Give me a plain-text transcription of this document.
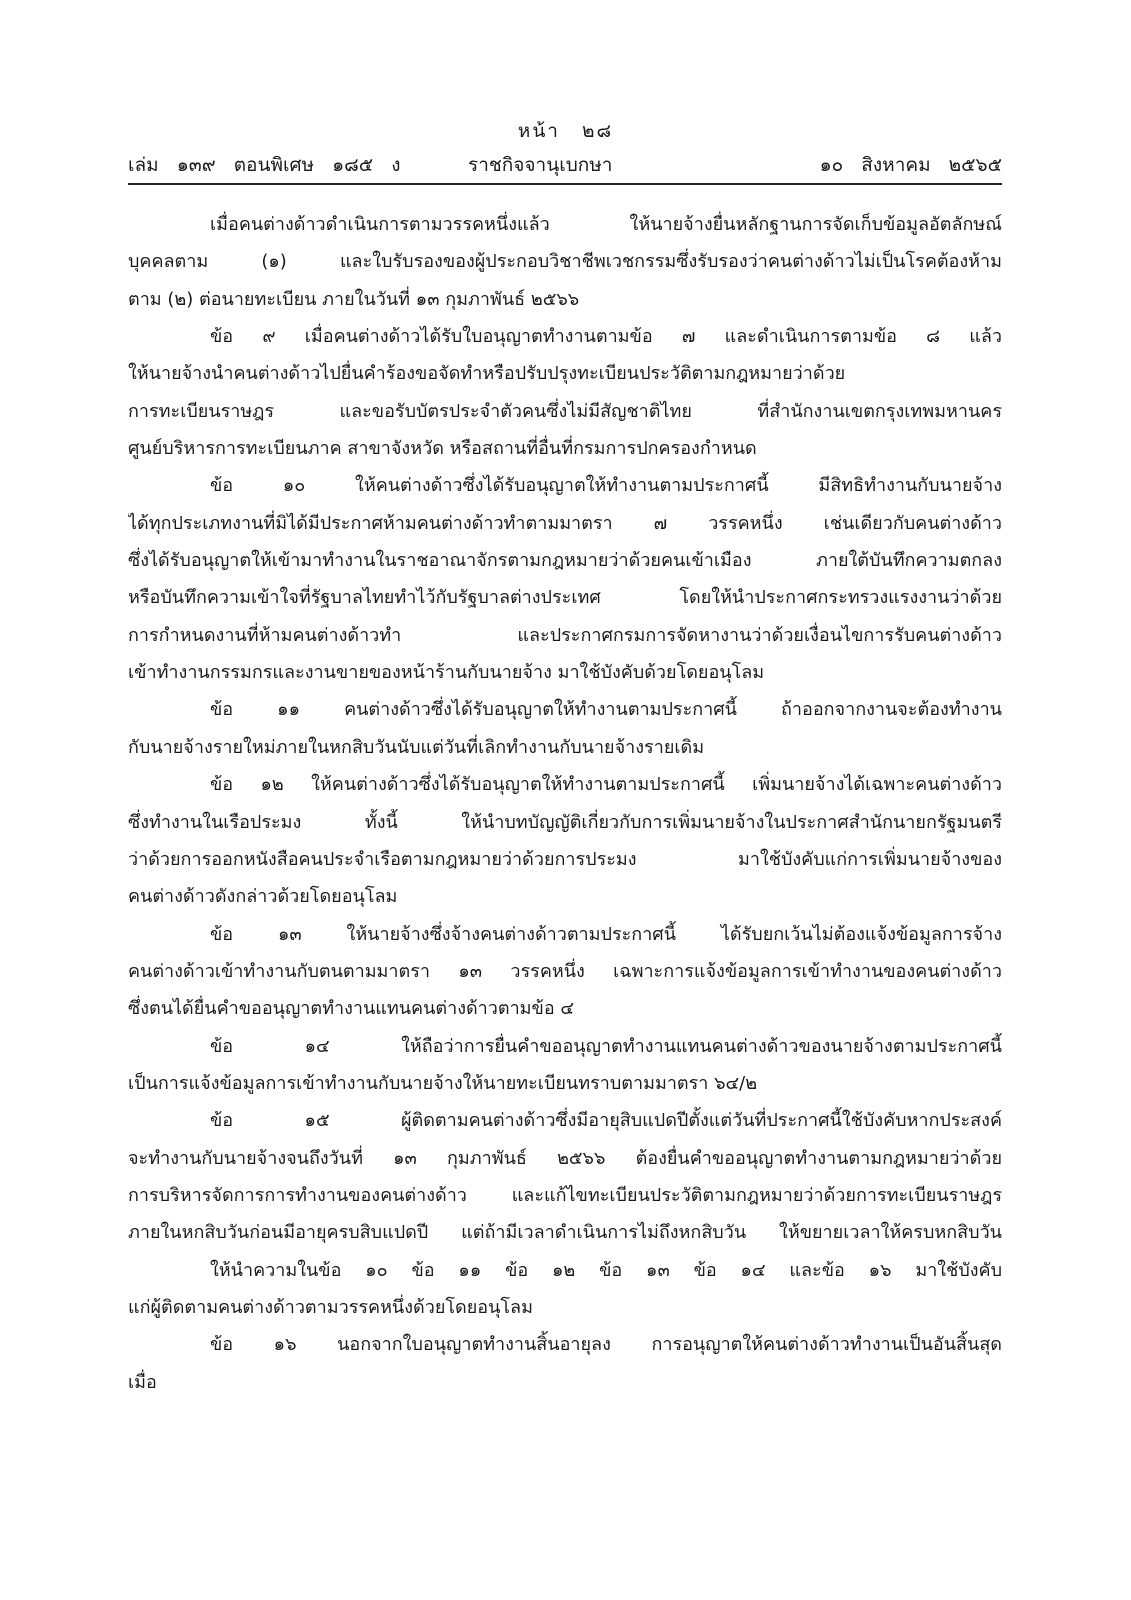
หน้า ๒๘
เล่ม ๑๓๙ ตอนพิเศษ ๑๘๕ ง	ราชกิจจานุเบกษา	๑๐ สิงหาคม ๒๕๖๕
เมื่อคนต่างด้าวดำเนินการตามวรรคหนึ่งแล้ว ให้นายจ้างยื่นหลักฐานการจัดเก็บข้อมูลอัตลักษณ์
บุคคลตาม (๑) และใบรับรองของผู้ประกอบวิชาชีพเวชกรรมซึ่งรับรองว่าคนต่างด้าวไม่เป็นโรคต้องห้าม
ตาม (๒) ต่อนายทะเบียน ภายในวันที่ ๑๓ กุมภาพันธ์ ๒๕๖๖
ข้อ ๙ เมื่อคนต่างด้าวได้รับใบอนุญาตทำงานตามข้อ ๗ และดำเนินการตามข้อ ๘ แล้ว
ให้นายจ้างนำคนต่างด้าวไปยื่นคำร้องขอจัดทำหรือปรับปรุงทะเบียนประวัติตามกฎหมายว่าด้วย
การทะเบียนราษฎร และขอรับบัตรประจำตัวคนซึ่งไม่มีสัญชาติไทย ที่สำนักงานเขตกรุงเทพมหานคร
ศูนย์บริหารการทะเบียนภาค สาขาจังหวัด หรือสถานที่อื่นที่กรมการปกครองกำหนด
ข้อ ๑๐ ให้คนต่างด้าวซึ่งได้รับอนุญาตให้ทำงานตามประกาศนี้ มีสิทธิทำงานกับนายจ้าง
ได้ทุกประเภทงานที่มิได้มีประกาศห้ามคนต่างด้าวทำตามมาตรา ๗ วรรคหนึ่ง เช่นเดียวกับคนต่างด้าว
ซึ่งได้รับอนุญาตให้เข้ามาทำงานในราชอาณาจักรตามกฎหมายว่าด้วยคนเข้าเมือง ภายใต้บันทึกความตกลง
หรือบันทึกความเข้าใจที่รัฐบาลไทยทำไว้กับรัฐบาลต่างประเทศ โดยให้นำประกาศกระทรวงแรงงานว่าด้วย
การกำหนดงานที่ห้ามคนต่างด้าวทำ และประกาศกรมการจัดหางานว่าด้วยเงื่อนไขการรับคนต่างด้าว
เข้าทำงานกรรมกรและงานขายของหน้าร้านกับนายจ้าง มาใช้บังคับด้วยโดยอนุโลม
ข้อ ๑๑ คนต่างด้าวซึ่งได้รับอนุญาตให้ทำงานตามประกาศนี้ ถ้าออกจากงานจะต้องทำงาน
กับนายจ้างรายใหม่ภายในหกสิบวันนับแต่วันที่เลิกทำงานกับนายจ้างรายเดิม
ข้อ ๑๒ ให้คนต่างด้าวซึ่งได้รับอนุญาตให้ทำงานตามประกาศนี้ เพิ่มนายจ้างได้เฉพาะคนต่างด้าว
ซึ่งทำงานในเรือประมง ทั้งนี้ ให้นำบทบัญญัติเกี่ยวกับการเพิ่มนายจ้างในประกาศสำนักนายกรัฐมนตรี
ว่าด้วยการออกหนังสือคนประจำเรือตามกฎหมายว่าด้วยการประมง มาใช้บังคับแก่การเพิ่มนายจ้างของ
คนต่างด้าวดังกล่าวด้วยโดยอนุโลม
ข้อ ๑๓ ให้นายจ้างซึ่งจ้างคนต่างด้าวตามประกาศนี้ ได้รับยกเว้นไม่ต้องแจ้งข้อมูลการจ้าง
คนต่างด้าวเข้าทำงานกับตนตามมาตรา ๑๓ วรรคหนึ่ง เฉพาะการแจ้งข้อมูลการเข้าทำงานของคนต่างด้าว
ซึ่งตนได้ยื่นคำขออนุญาตทำงานแทนคนต่างด้าวตามข้อ ๔
ข้อ ๑๔ ให้ถือว่าการยื่นคำขออนุญาตทำงานแทนคนต่างด้าวของนายจ้างตามประกาศนี้
เป็นการแจ้งข้อมูลการเข้าทำงานกับนายจ้างให้นายทะเบียนทราบตามมาตรา ๖๔/๒
ข้อ ๑๕ ผู้ติดตามคนต่างด้าวซึ่งมีอายุสิบแปดปีตั้งแต่วันที่ประกาศนี้ใช้บังคับหากประสงค์
จะทำงานกับนายจ้างจนถึงวันที่ ๑๓ กุมภาพันธ์ ๒๕๖๖ ต้องยื่นคำขออนุญาตทำงานตามกฎหมายว่าด้วย
การบริหารจัดการการทำงานของคนต่างด้าว และแก้ไขทะเบียนประวัติตามกฎหมายว่าด้วยการทะเบียนราษฎร
ภายในหกสิบวันก่อนมีอายุครบสิบแปดปี แต่ถ้ามีเวลาดำเนินการไม่ถึงหกสิบวัน ให้ขยายเวลาให้ครบหกสิบวัน
ให้นำความในข้อ ๑๐ ข้อ ๑๑ ข้อ ๑๒ ข้อ ๑๓ ข้อ ๑๔ และข้อ ๑๖ มาใช้บังคับ
แก่ผู้ติดตามคนต่างด้าวตามวรรคหนึ่งด้วยโดยอนุโลม
ข้อ ๑๖ นอกจากใบอนุญาตทำงานสิ้นอายุลง การอนุญาตให้คนต่างด้าวทำงานเป็นอันสิ้นสุด
เมื่อ
